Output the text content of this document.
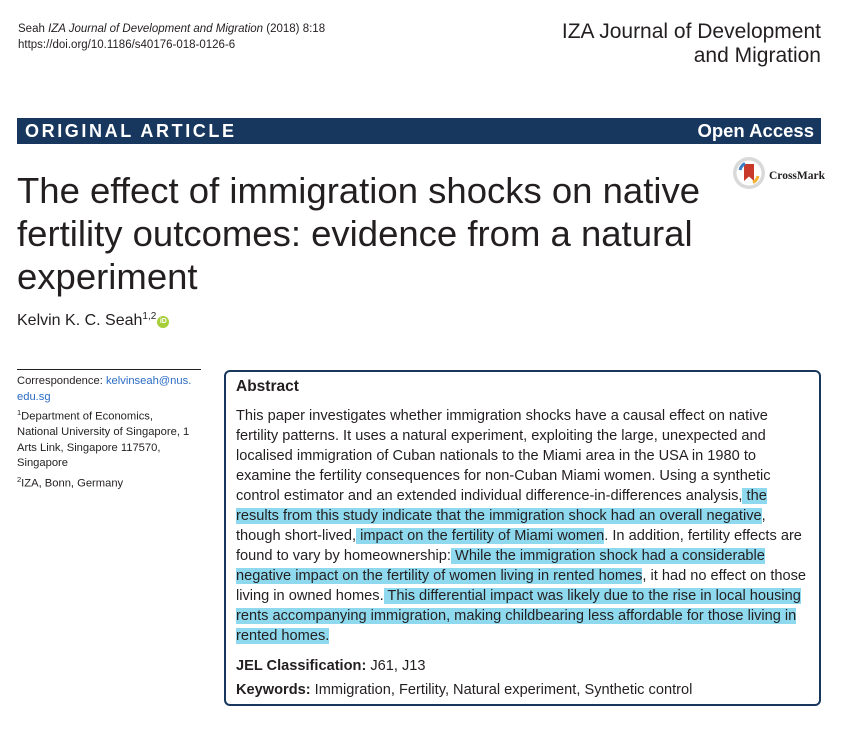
Seah IZA Journal of Development and Migration (2018) 8:18
https://doi.org/10.1186/s40176-018-0126-6
IZA Journal of Development
and Migration
ORIGINAL ARTICLE	Open Access
CrossMark
The effect of immigration shocks on native fertility outcomes: evidence from a natural experiment
Kelvin K. C. Seah$^{1,2}$ iD
Correspondence: kelvinseah@nus.
edu.sg
$^1$Department of Economics,
National University of Singapore, 1
Arts Link, Singapore 117570,
Singapore
$^2$IZA, Bonn, Germany
Abstract

This paper investigates whether immigration shocks have a causal effect on native fertility patterns. It uses a natural experiment, exploiting the large, unexpected and localised immigration of Cuban nationals to the Miami area in the USA in 1980 to examine the fertility consequences for non-Cuban Miami women. Using a synthetic control estimator and an extended individual difference-in-differences analysis, the results from this study indicate that the immigration shock had an overall negative, though short-lived, impact on the fertility of Miami women. In addition, fertility effects are found to vary by homeownership: While the immigration shock had a considerable negative impact on the fertility of women living in rented homes, it had no effect on those living in owned homes. This differential impact was likely due to the rise in local housing rents accompanying immigration, making childbearing less affordable for those living in rented homes.

JEL Classification: J61, J13
Keywords: Immigration, Fertility, Natural experiment, Synthetic control
